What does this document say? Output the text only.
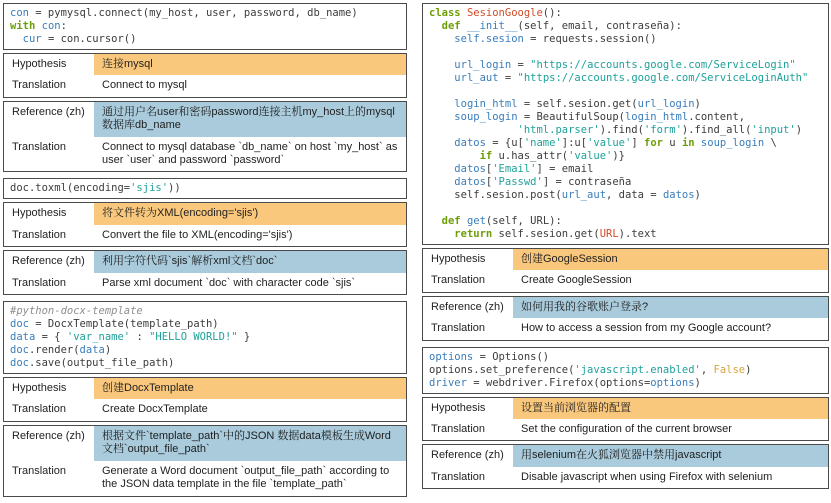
con = pymysql.connect(my_host, user, password, db_name)
with con:
cur = con.cursor()
Hypothesis	连接mysql
Translation	Connect to mysql
Reference (zh)	通过用户名user和密码password连接主机my_host上的mysql数据库db_name
Translation	Connect to mysql database `db_name` on host `my_host` as user `user` and password `password`
doc.toxml(encoding='sjis'))
Hypothesis	将文件转为XML(encoding='sjis')
Translation	Convert the file to XML(encoding='sjis')
Reference (zh)	利用字符代码`sjis`解析xml文档`doc`
Translation	Parse xml document `doc` with character code `sjis`
#python-docx-template
doc = DocxTemplate(template_path)
data = { 'var_name' : "HELLO WORLD!" }
doc.render(data)
doc.save(output_file_path)
Hypothesis	创建DocxTemplate
Translation	Create DocxTemplate
Reference (zh)	根据文件`template_path`中的JSON 数据data模板生成Word文档`output_file_path`
Translation	Generate a Word document `output_file_path` according to the JSON data template in the file `template_path`
class SesionGoogle():
def __init__(self, email, contraseña):
self.sesion = requests.session()

url_login = "https://accounts.google.com/ServiceLogin"
url_aut = "https://accounts.google.com/ServiceLoginAuth"

login_html = self.sesion.get(url_login)
soup_login = BeautifulSoup(login_html.content,
'html.parser').find('form').find_all('input')
datos = {u['name']:u['value'] for u in soup_login \
if u.has_attr('value')}
datos['Email'] = email
datos['Passwd'] = contraseña
self.sesion.post(url_aut, data = datos)

def get(self, URL):
return self.sesion.get(URL).text
Hypothesis	创建GoogleSession
Translation	Create GoogleSession
Reference (zh)	如何用我的谷歌账户登录?
Translation	How to access a session from my Google account?
options = Options()
options.set_preference('javascript.enabled', False)
driver = webdriver.Firefox(options=options)
Hypothesis	设置当前浏览器的配置
Translation	Set the configuration of the current browser
Reference (zh)	用selenium在火狐浏览器中禁用javascript
Translation	Disable javascript when using Firefox with selenium
